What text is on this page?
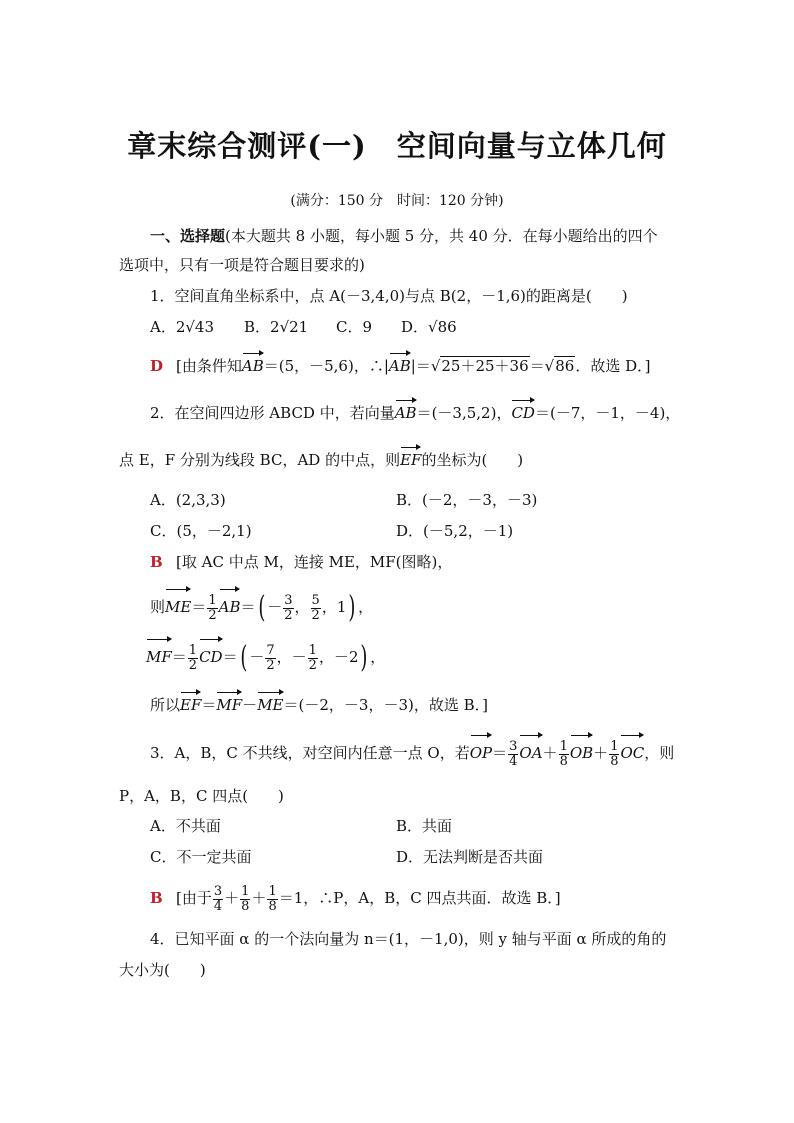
章末综合测评(一)　空间向量与立体几何
(满分：150 分　时间：120 分钟)
一、选择题(本大题共 8 小题，每小题 5 分，共 40 分．在每小题给出的四个
选项中，只有一项是符合题目要求的)
1．空间直角坐标系中，点 A(－3,4,0)与点 B(2，－1,6)的距离是(　　)
A．2√43 B．2√21 C．9 D．√86
D [由条件知AB＝(5，－5,6)，∴|AB|＝√25＋25＋36＝√86．故选 D．]
2．在空间四边形 ABCD 中，若向量AB＝(－3,5,2)，CD＝(－7，－1，－4)，
点 E，F 分别为线段 BC，AD 的中点，则EF的坐标为(　　)
A．(2,3,3)	B．(－2，－3，－3)
C．(5，－2,1)	D．(－5,2，－1)
B [取 AC 中点 M，连接 ME，MF(图略)，
则$ME= \frac{1}{2} AB=( - \frac{3}{2}$ ， $\frac{5}{2}$ ，1) ，
$MF= \frac{1}{2} CD=( - \frac{7}{2}$ ，－ $\frac{1}{2}$ ，－2) ，
所以EF＝MF－ME＝(－2，－3，－3)，故选 B．]
3．A，B，C 不共线，对空间内任意一点 O，若$OP= \frac{3}{4} OA+ \frac{1}{8} OB+ \frac{1}{8}$ OC，则
P，A，B，C 四点(　　)
A．不共面	B．共面
C．不一定共面	D．无法判断是否共面
B [由于 $\frac{3}{4} + \frac{1}{8} + \frac{1}{8} =1$，∴P，A，B，C 四点共面．故选 B．]
4．已知平面 α 的一个法向量为 n＝(1，－1,0)，则 y 轴与平面 α 所成的角的
大小为(　　)
